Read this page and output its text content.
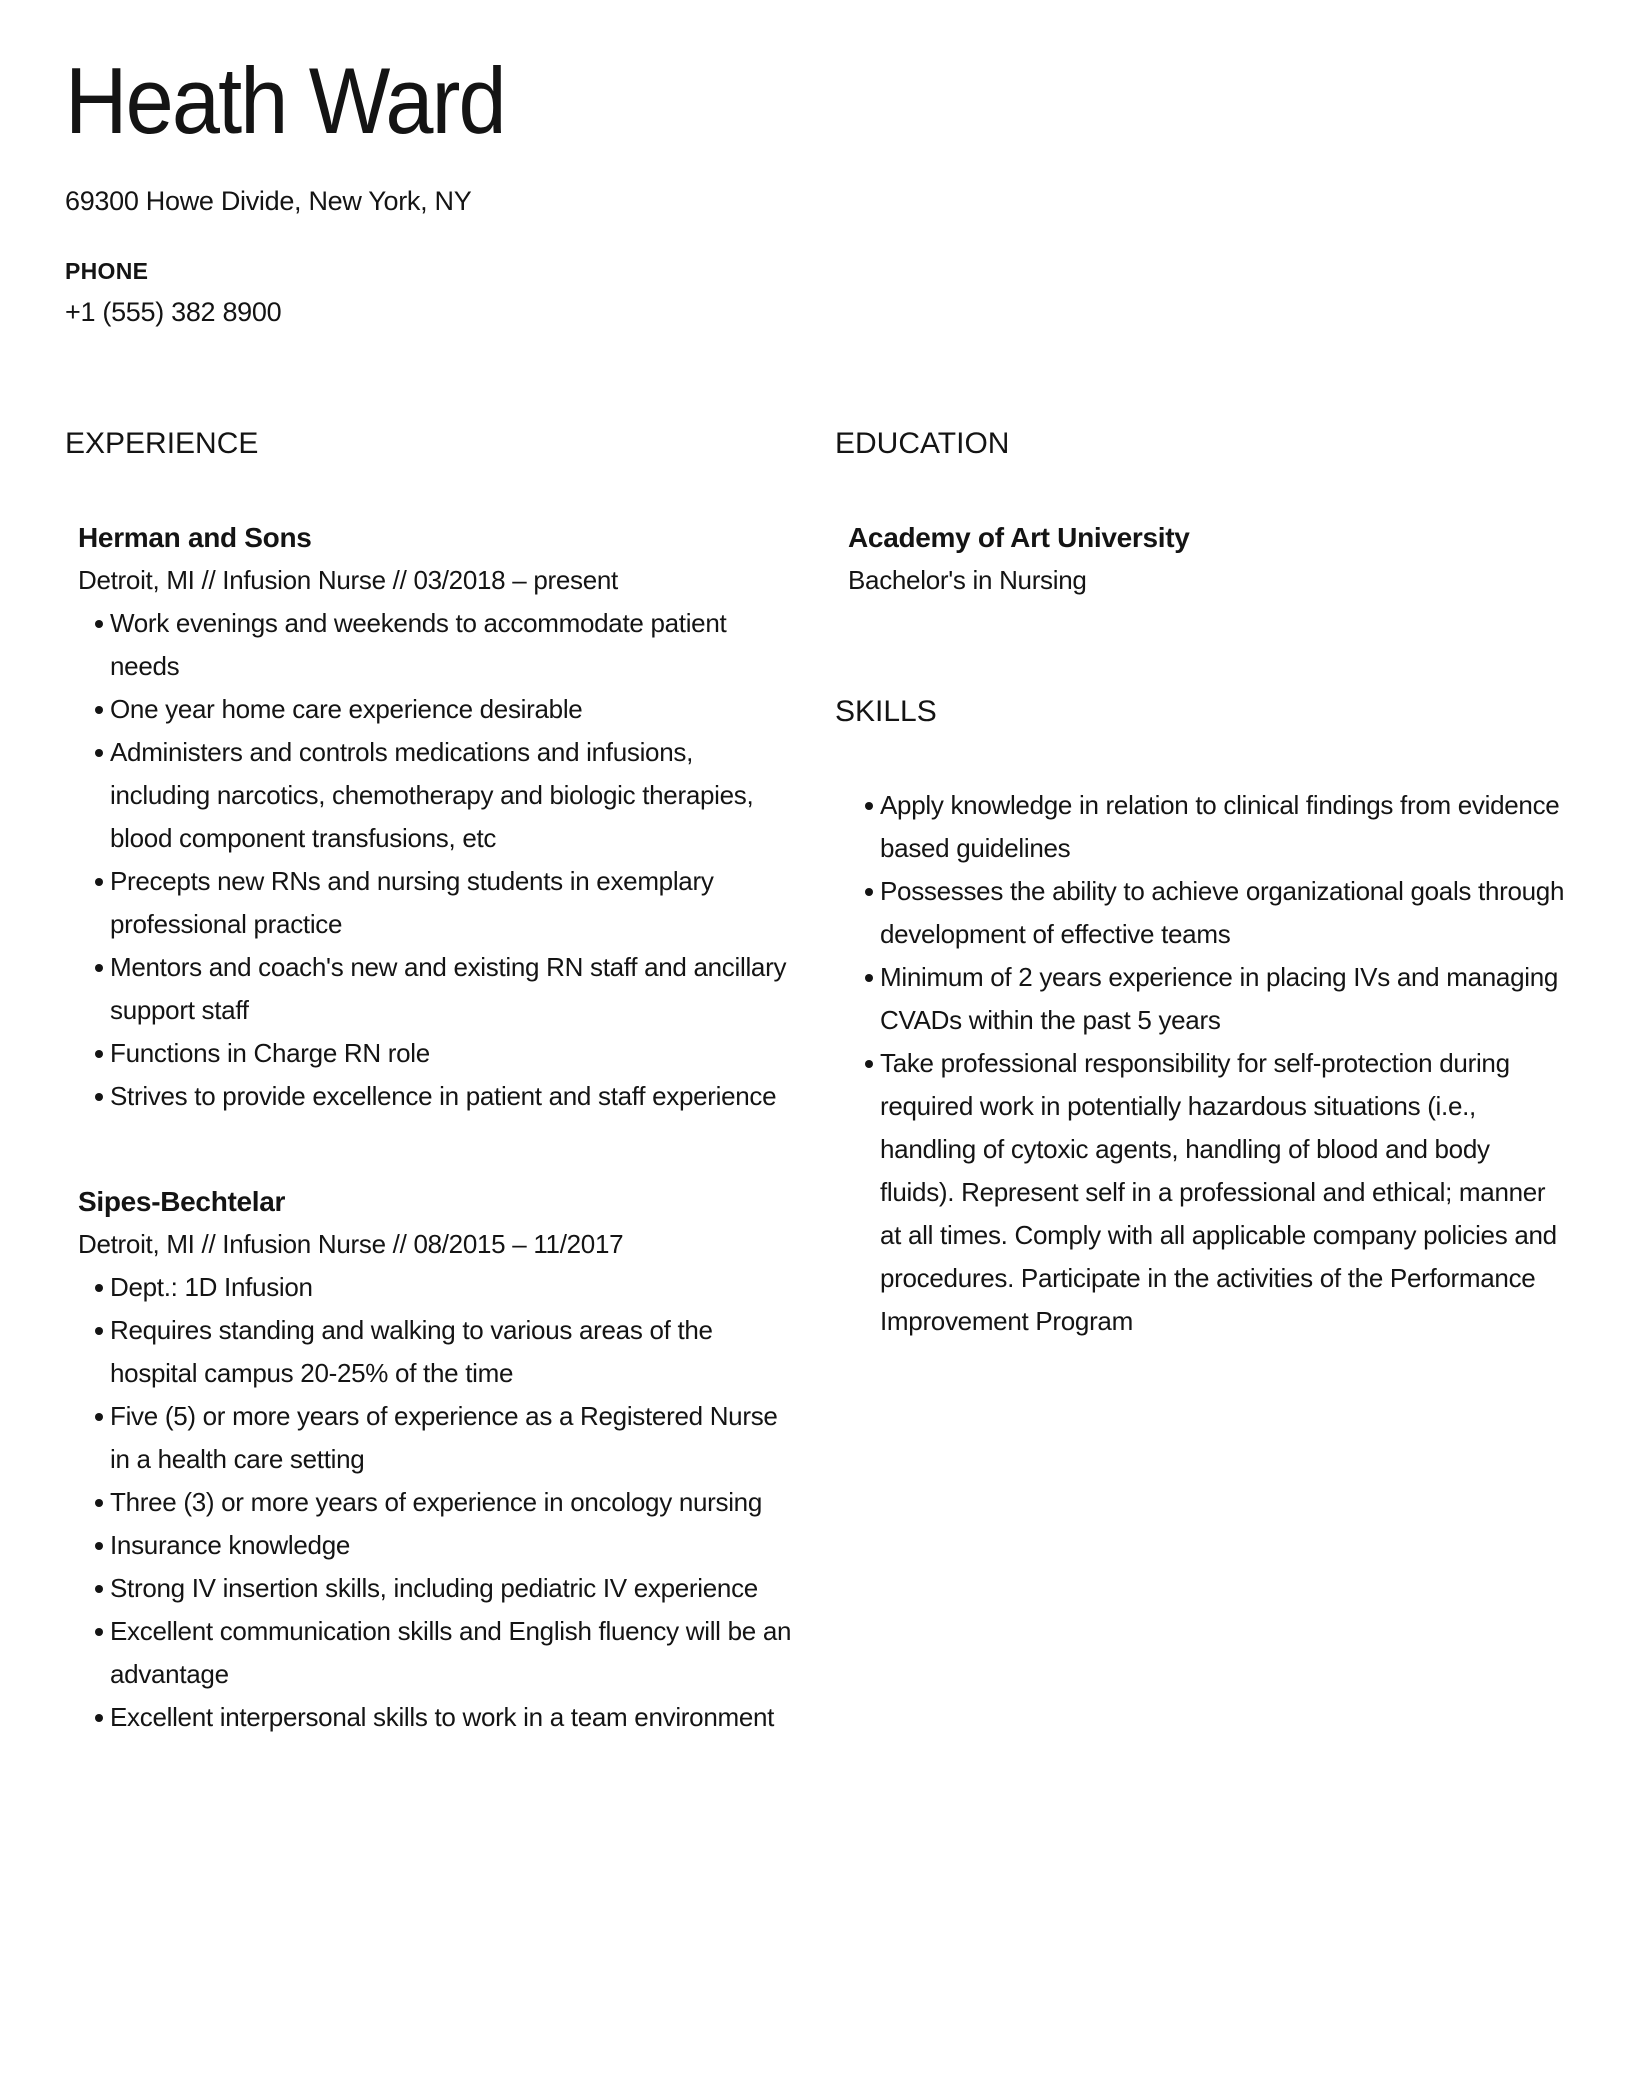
Heath Ward
69300 Howe Divide, New York, NY
PHONE
+1 (555) 382 8900
EXPERIENCE
Herman and Sons
Detroit, MI // Infusion Nurse // 03/2018 – present
Work evenings and weekends to accommodate patient needs
One year home care experience desirable
Administers and controls medications and infusions, including narcotics, chemotherapy and biologic therapies, blood component transfusions, etc
Precepts new RNs and nursing students in exemplary professional practice
Mentors and coach's new and existing RN staff and ancillary support staff
Functions in Charge RN role
Strives to provide excellence in patient and staff experience
Sipes-Bechtelar
Detroit, MI // Infusion Nurse // 08/2015 – 11/2017
Dept.: 1D Infusion
Requires standing and walking to various areas of the hospital campus 20-25% of the time
Five (5) or more years of experience as a Registered Nurse in a health care setting
Three (3) or more years of experience in oncology nursing
Insurance knowledge
Strong IV insertion skills, including pediatric IV experience
Excellent communication skills and English fluency will be an advantage
Excellent interpersonal skills to work in a team environment
EDUCATION
Academy of Art University
Bachelor's in Nursing
SKILLS
Apply knowledge in relation to clinical findings from evidence based guidelines
Possesses the ability to achieve organizational goals through development of effective teams
Minimum of 2 years experience in placing IVs and managing CVADs within the past 5 years
Take professional responsibility for self-protection during required work in potentially hazardous situations (i.e., handling of cytoxic agents, handling of blood and body fluids). Represent self in a professional and ethical; manner at all times. Comply with all applicable company policies and procedures. Participate in the activities of the Performance Improvement Program
